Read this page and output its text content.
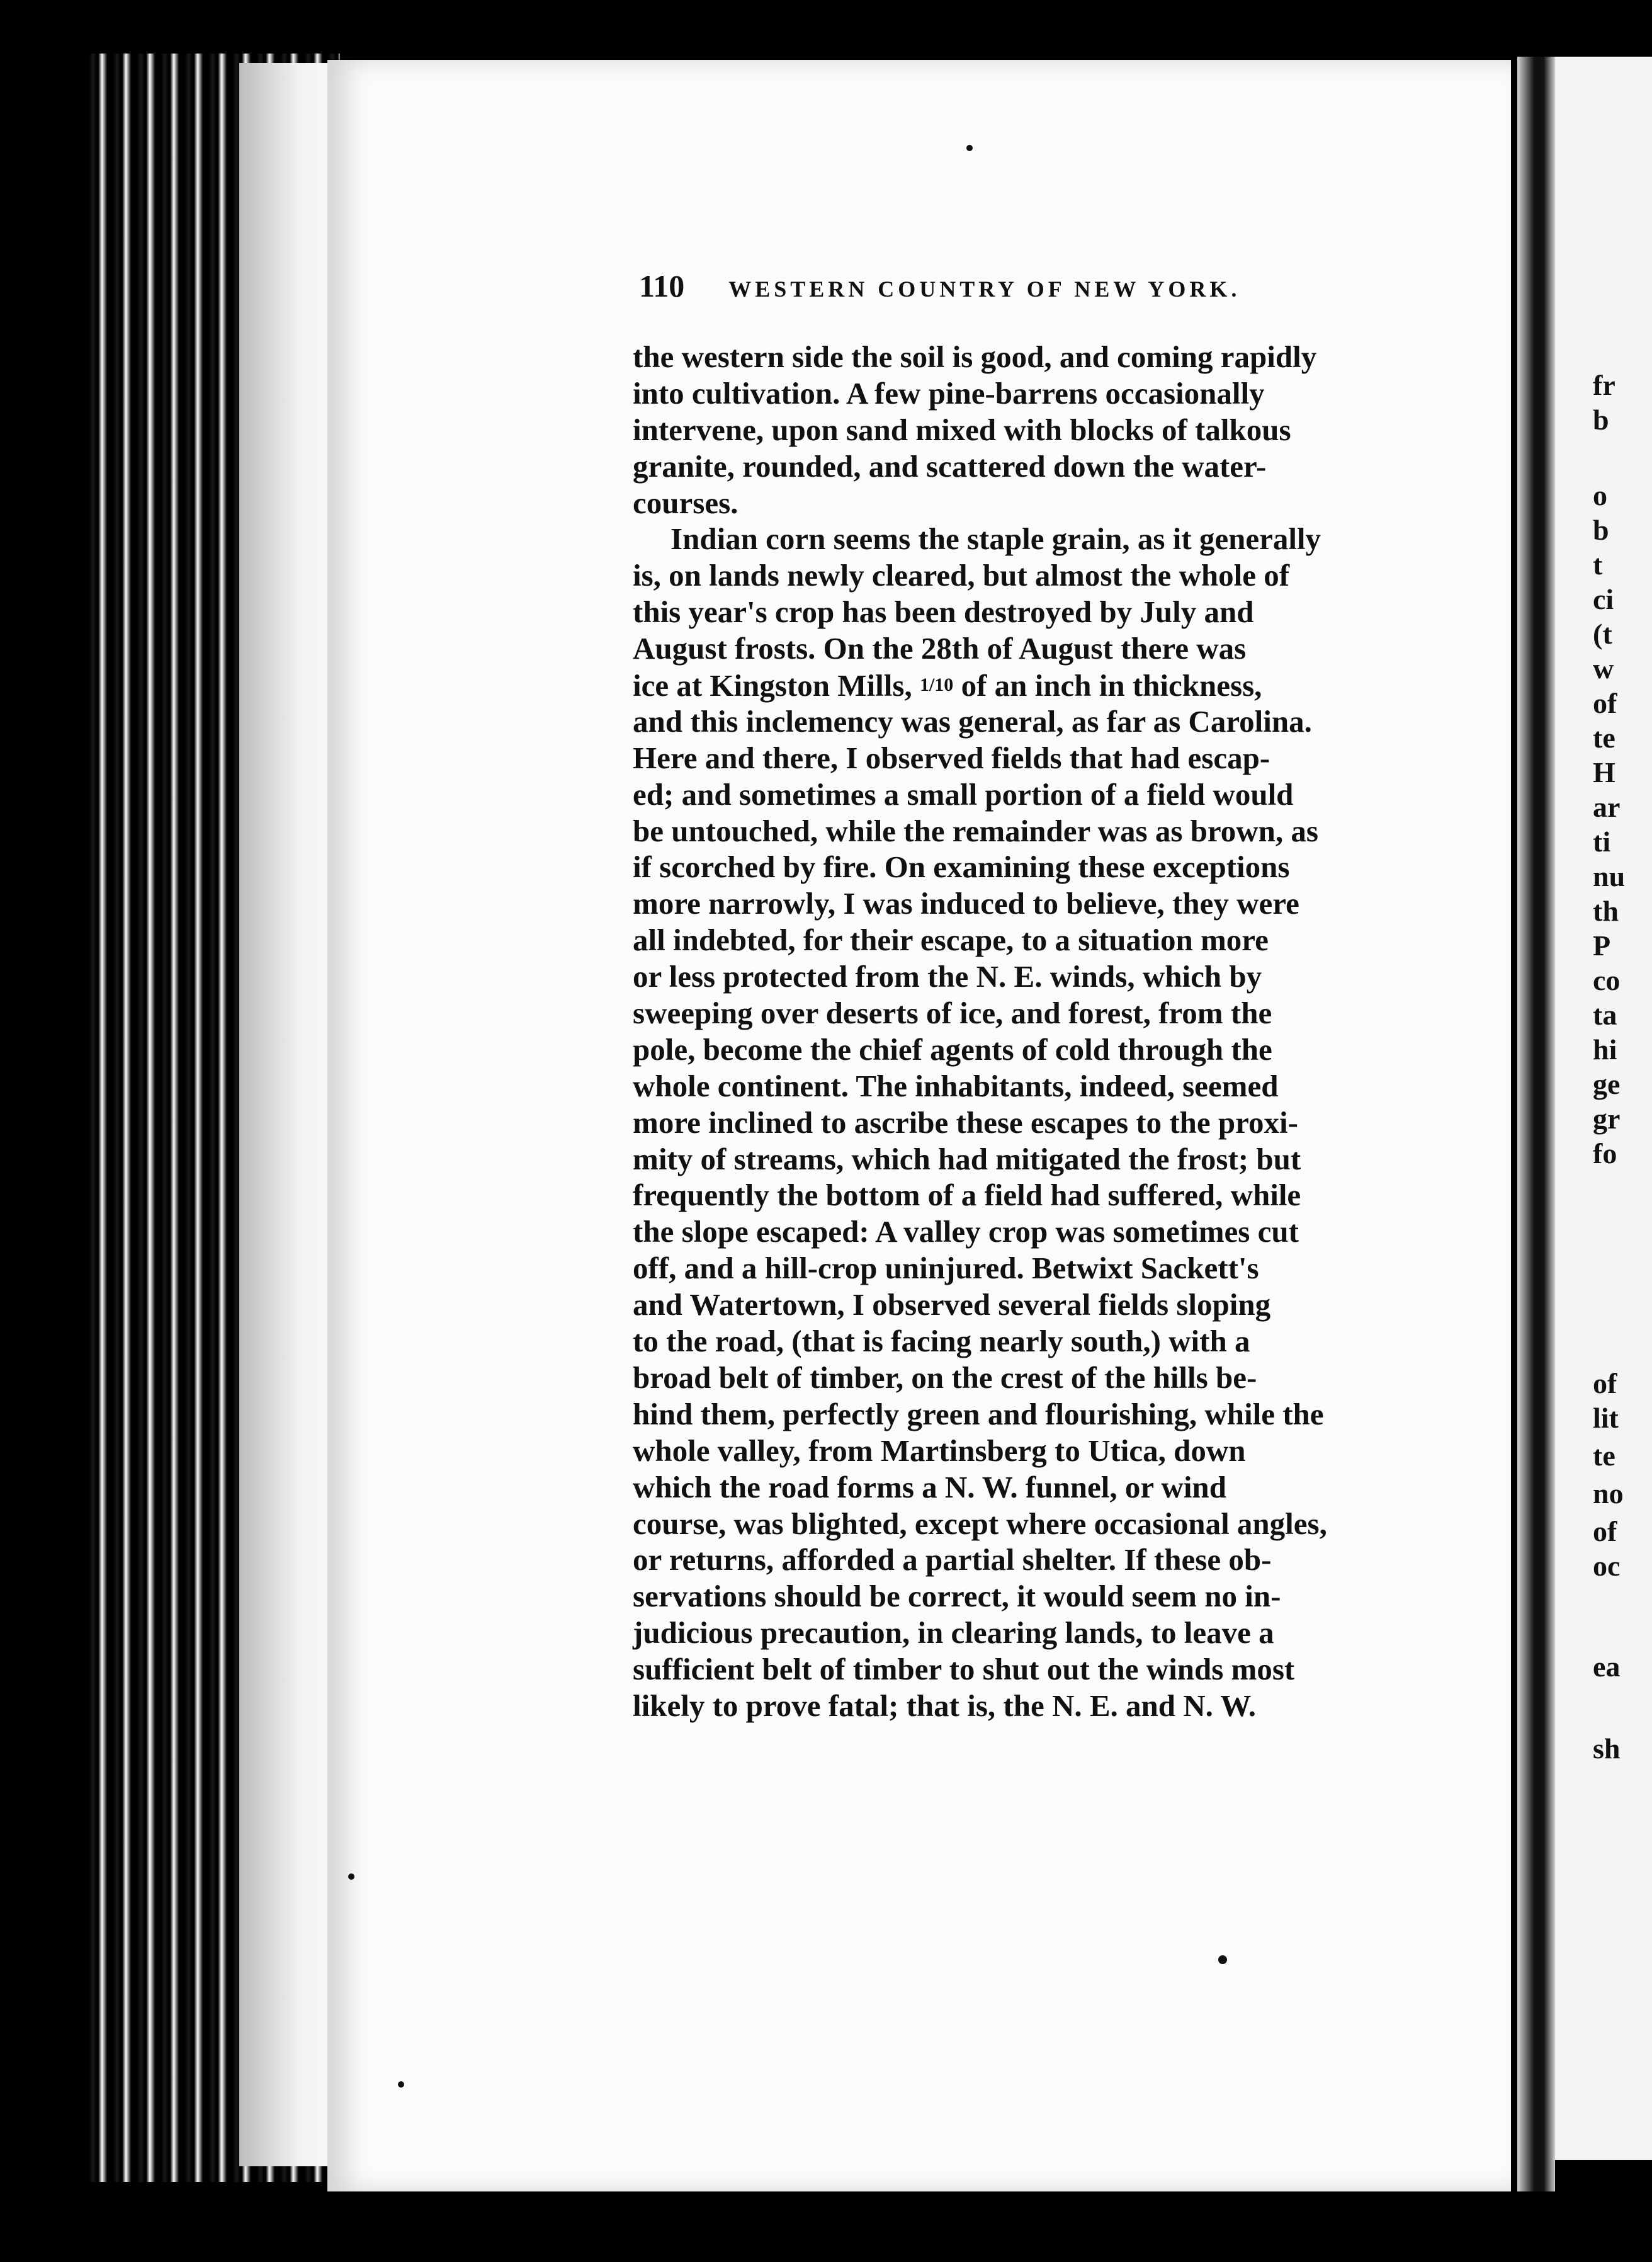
110 WESTERN COUNTRY OF NEW YORK.
the western side the soil is good, and coming rapidly
into cultivation. A few pine-barrens occasionally
intervene, upon sand mixed with blocks of talkous
granite, rounded, and scattered down the water-
courses.
Indian corn seems the staple grain, as it generally
is, on lands newly cleared, but almost the whole of
this year's crop has been destroyed by July and
August frosts. On the 28th of August there was
ice at Kingston Mills, 1/10 of an inch in thickness,
and this inclemency was general, as far as Carolina.
Here and there, I observed fields that had escap-
ed; and sometimes a small portion of a field would
be untouched, while the remainder was as brown, as
if scorched by fire. On examining these exceptions
more narrowly, I was induced to believe, they were
all indebted, for their escape, to a situation more
or less protected from the N. E. winds, which by
sweeping over deserts of ice, and forest, from the
pole, become the chief agents of cold through the
whole continent. The inhabitants, indeed, seemed
more inclined to ascribe these escapes to the proxi-
mity of streams, which had mitigated the frost; but
frequently the bottom of a field had suffered, while
the slope escaped: A valley crop was sometimes cut
off, and a hill-crop uninjured. Betwixt Sackett's
and Watertown, I observed several fields sloping
to the road, (that is facing nearly south,) with a
broad belt of timber, on the crest of the hills be-
hind them, perfectly green and flourishing, while the
whole valley, from Martinsberg to Utica, down
which the road forms a N. W. funnel, or wind
course, was blighted, except where occasional angles,
or returns, afforded a partial shelter. If these ob-
servations should be correct, it would seem no in-
judicious precaution, in clearing lands, to leave a
sufficient belt of timber to shut out the winds most
likely to prove fatal; that is, the N. E. and N. W.
fr
b
o
b
t
ci
(t
w
of
te
H
ar
ti
nu
th
P
co
ta
hi
ge
gr
fo
of
lit
te
no
of
oc
ea
sh
